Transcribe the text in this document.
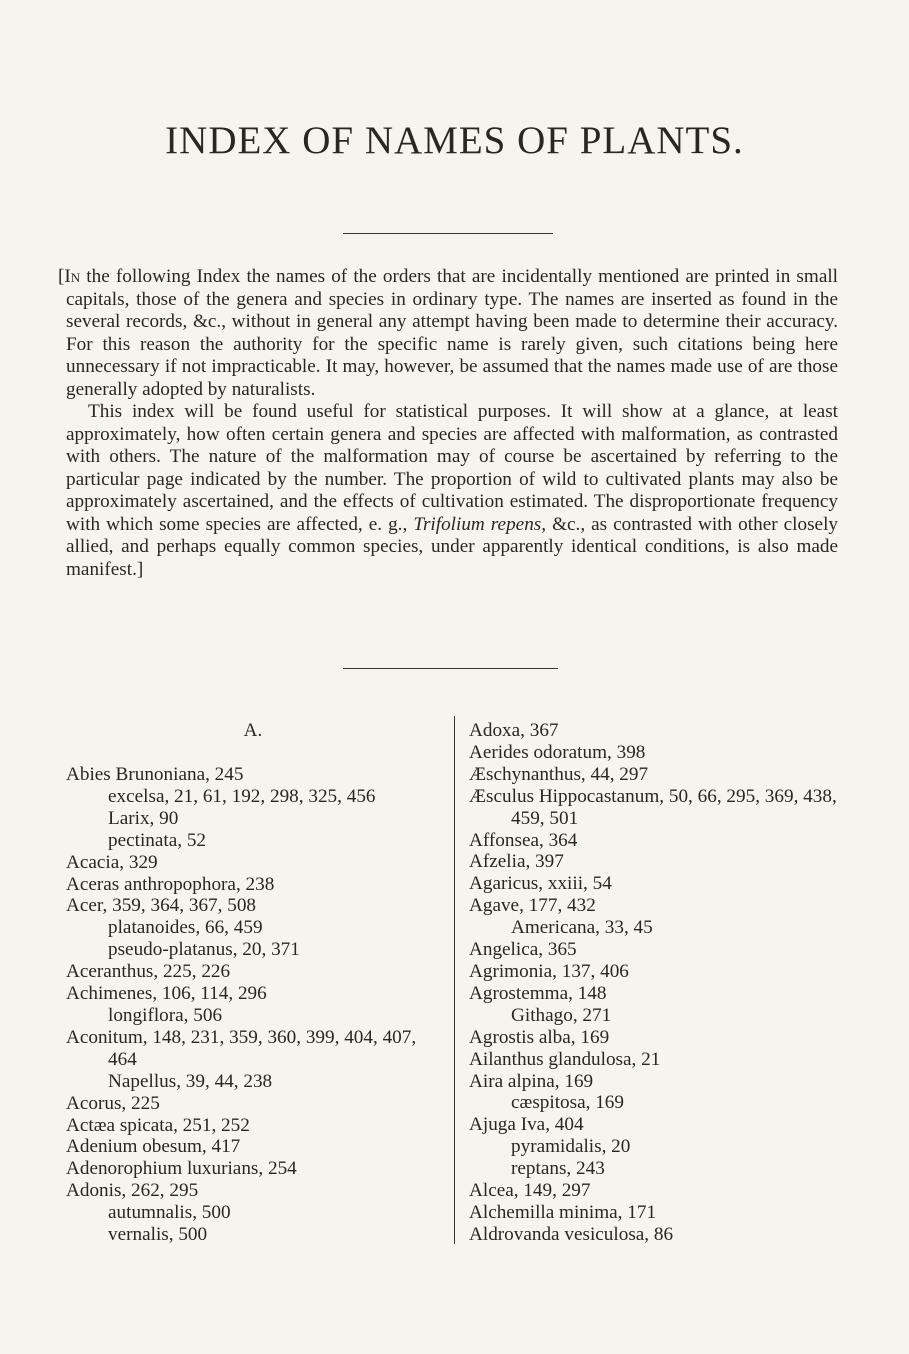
INDEX OF NAMES OF PLANTS.

[In the following Index the names of the orders that are incidentally mentioned are printed in small capitals, those of the genera and species in ordinary type. The names are inserted as found in the several records, &c., without in general any attempt having been made to determine their accuracy. For this reason the authority for the specific name is rarely given, such citations being here unnecessary if not impracticable. It may, however, be assumed that the names made use of are those generally adopted by naturalists.

This index will be found useful for statistical purposes. It will show at a glance, at least approximately, how often certain genera and species are affected with malformation, as contrasted with others. The nature of the malformation may of course be ascertained by referring to the particular page indicated by the number. The proportion of wild to cultivated plants may also be approximately ascertained, and the effects of cultivation estimated. The disproportionate frequency with which some species are affected, e. g., Trifolium repens, &c., as contrasted with other closely allied, and perhaps equally common species, under apparently identical conditions, is also made manifest.]

A.
Abies Brunoniana, 245
excelsa, 21, 61, 192, 298, 325, 456
Larix, 90
pectinata, 52
Acacia, 329
Aceras anthropophora, 238
Acer, 359, 364, 367, 508
platanoides, 66, 459
pseudo-platanus, 20, 371
Aceranthus, 225, 226
Achimenes, 106, 114, 296
longiflora, 506
Aconitum, 148, 231, 359, 360, 399, 404, 407, 464
Napellus, 39, 44, 238
Acorus, 225
Actæa spicata, 251, 252
Adenium obesum, 417
Adenorophium luxurians, 254
Adonis, 262, 295
autumnalis, 500
vernalis, 500
Adoxa, 367
Aerides odoratum, 398
Æschynanthus, 44, 297
Æsculus Hippocastanum, 50, 66, 295, 369, 438, 459, 501
Affonsea, 364
Afzelia, 397
Agaricus, xxiii, 54
Agave, 177, 432
Americana, 33, 45
Angelica, 365
Agrimonia, 137, 406
Agrostemma, 148
Githago, 271
Agrostis alba, 169
Ailanthus glandulosa, 21
Aira alpina, 169
cæspitosa, 169
Ajuga Iva, 404
pyramidalis, 20
reptans, 243
Alcea, 149, 297
Alchemilla minima, 171
Aldrovanda vesiculosa, 86
